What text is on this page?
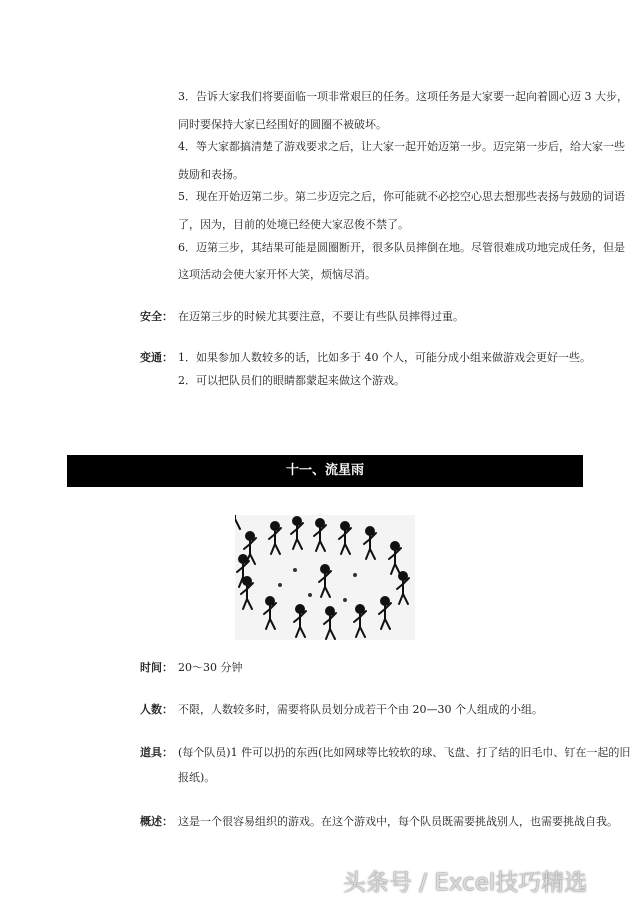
3．告诉大家我们将要面临一项非常艰巨的任务。这项任务是大家要一起向着圆心迈 3 大步，
同时要保持大家已经围好的圆圈不被破坏。
4．等大家都搞清楚了游戏要求之后，让大家一起开始迈第一步。迈完第一步后，给大家一些
鼓励和表扬。
5．现在开始迈第二步。第二步迈完之后，你可能就不必挖空心思去想那些表扬与鼓励的词语
了，因为，目前的处境已经使大家忍俊不禁了。
6．迈第三步，其结果可能是圆圈断开，很多队员摔倒在地。尽管很难成功地完成任务，但是
这项活动会使大家开怀大笑，烦恼尽消。
安全： 在迈第三步的时候尤其要注意，不要让有些队员摔得过重。
变通： 1．如果参加人数较多的话，比如多于 40 个人，可能分成小组来做游戏会更好一些。
2．可以把队员们的眼睛都蒙起来做这个游戏。
十一、流星雨
时间： 20～30 分钟
人数： 不限，人数较多时，需要将队员划分成若干个由 20—30 个人组成的小组。
道具： (每个队员)1 件可以扔的东西(比如网球等比较软的球、飞盘、打了结的旧毛巾、钉在一起的旧
报纸)。
概述： 这是一个很容易组织的游戏。在这个游戏中，每个队员既需要挑战别人，也需要挑战自我。
头条号 / Excel技巧精选
